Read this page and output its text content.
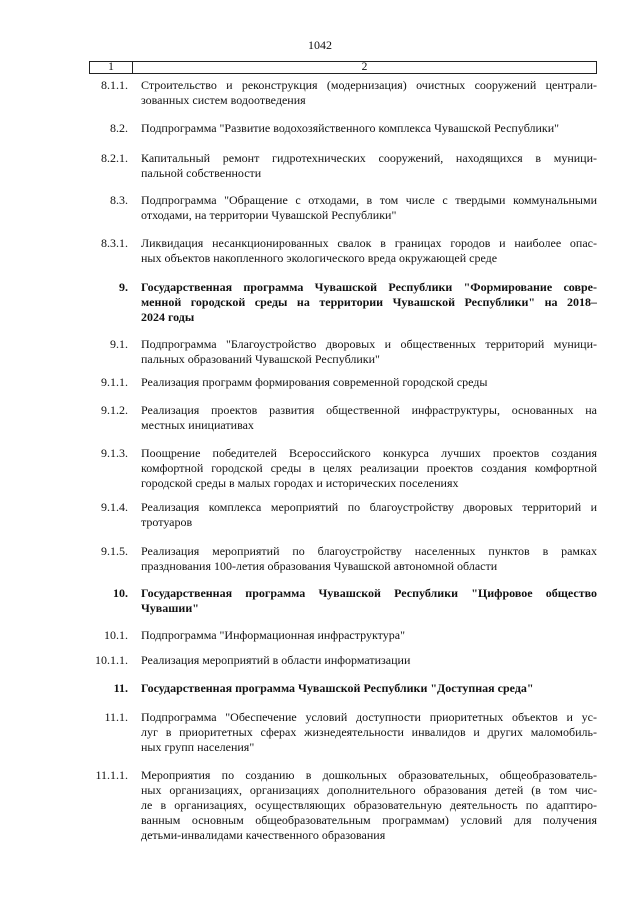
1042
1	2
8.1.1. Строительство и реконструкция (модернизация) очистных сооружений централи-
зованных систем водоотведения
8.2. Подпрограмма "Развитие водохозяйственного комплекса Чувашской Республики"
8.2.1. Капитальный ремонт гидротехнических сооружений, находящихся в муници-
пальной собственности
8.3. Подпрограмма "Обращение с отходами, в том числе с твердыми коммунальными
отходами, на территории Чувашской Республики"
8.3.1. Ликвидация несанкционированных свалок в границах городов и наиболее опас-
ных объектов накопленного экологического вреда окружающей среде
9. Государственная программа Чувашской Республики "Формирование совре-
менной городской среды на территории Чувашской Республики" на 2018–
2024 годы
9.1. Подпрограмма "Благоустройство дворовых и общественных территорий муници-
пальных образований Чувашской Республики"
9.1.1. Реализация программ формирования современной городской среды
9.1.2. Реализация проектов развития общественной инфраструктуры, основанных на
местных инициативах
9.1.3. Поощрение победителей Всероссийского конкурса лучших проектов создания
комфортной городской среды в целях реализации проектов создания комфортной
городской среды в малых городах и исторических поселениях
9.1.4. Реализация комплекса мероприятий по благоустройству дворовых территорий и
тротуаров
9.1.5. Реализация мероприятий по благоустройству населенных пунктов в рамках
празднования 100-летия образования Чувашской автономной области
10. Государственная программа Чувашской Республики "Цифровое общество
Чувашии"
10.1. Подпрограмма "Информационная инфраструктура"
10.1.1. Реализация мероприятий в области информатизации
11. Государственная программа Чувашской Республики "Доступная среда"
11.1. Подпрограмма "Обеспечение условий доступности приоритетных объектов и ус-
луг в приоритетных сферах жизнедеятельности инвалидов и других маломобиль-
ных групп населения"
11.1.1. Мероприятия по созданию в дошкольных образовательных, общеобразователь-
ных организациях, организациях дополнительного образования детей (в том чис-
ле в организациях, осуществляющих образовательную деятельность по адаптиро-
ванным основным общеобразовательным программам) условий для получения
детьми-инвалидами качественного образования
